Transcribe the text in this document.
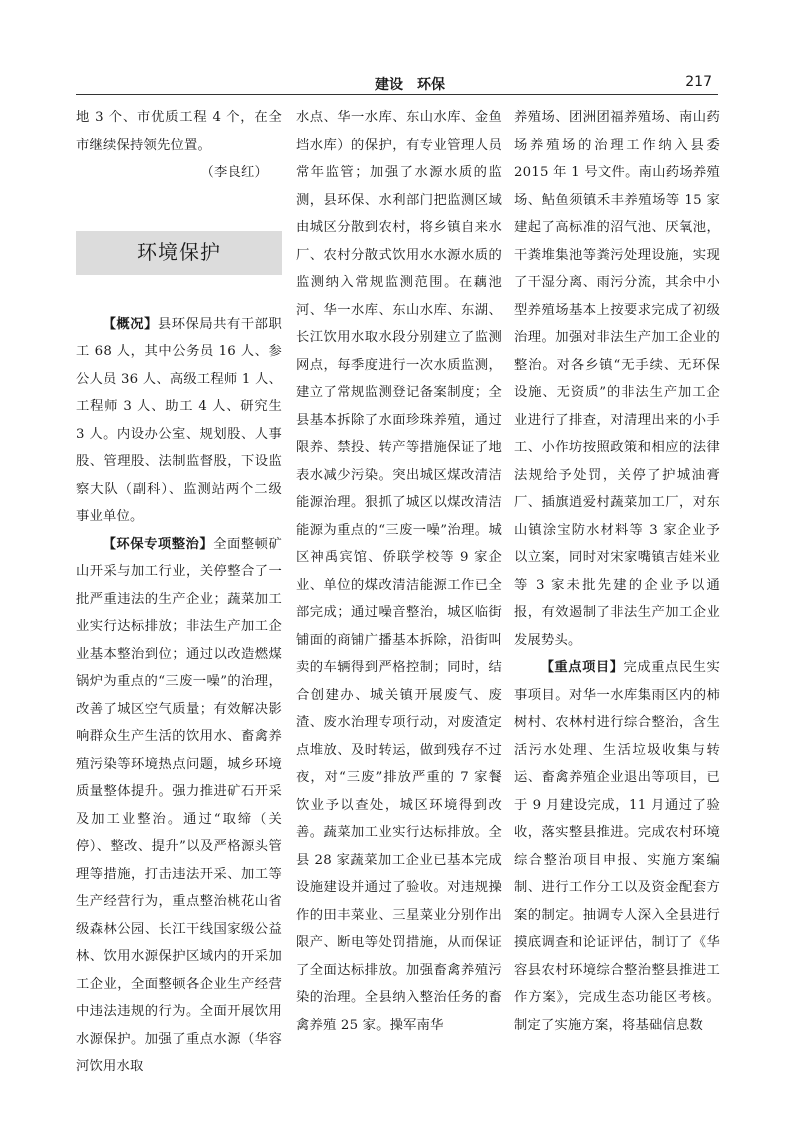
建设　环保	217

地 3 个、市优质工程 4 个，在全市继续保持领先位置。

（李良红）

环境保护

【概况】县环保局共有干部职工 68 人，其中公务员 16 人、参公人员 36 人、高级工程师 1 人、工程师 3 人、助工 4 人、研究生 3 人。内设办公室、规划股、人事股、管理股、法制监督股，下设监察大队（副科）、监测站两个二级事业单位。

【环保专项整治】全面整顿矿山开采与加工行业，关停整合了一批严重违法的生产企业；蔬菜加工业实行达标排放；非法生产加工企业基本整治到位；通过以改造燃煤锅炉为重点的“三废一噪”的治理，改善了城区空气质量；有效解决影响群众生产生活的饮用水、畜禽养殖污染等环境热点问题，城乡环境质量整体提升。强力推进矿石开采及加工业整治。通过“取缔（关停）、整改、提升”以及严格源头管理等措施，打击违法开采、加工等生产经营行为，重点整治桃花山省级森林公园、长江干线国家级公益林、饮用水源保护区域内的开采加工企业，全面整顿各企业生产经营中违法违规的行为。全面开展饮用水源保护。加强了重点水源（华容河饮用水取

水点、华一水库、东山水库、金鱼垱水库）的保护，有专业管理人员常年监管；加强了水源水质的监测，县环保、水利部门把监测区域由城区分散到农村，将乡镇自来水厂、农村分散式饮用水水源水质的监测纳入常规监测范围。在藕池河、华一水库、东山水库、东湖、长江饮用水取水段分别建立了监测网点，每季度进行一次水质监测，建立了常规监测登记备案制度；全县基本拆除了水面珍珠养殖，通过限养、禁投、转产等措施保证了地表水减少污染。突出城区煤改清洁能源治理。狠抓了城区以煤改清洁能源为重点的“三废一噪”治理。城区神禹宾馆、侨联学校等 9 家企业、单位的煤改清洁能源工作已全部完成；通过噪音整治，城区临街铺面的商铺广播基本拆除，沿街叫卖的车辆得到严格控制；同时，结合创建办、城关镇开展废气、废渣、废水治理专项行动，对废渣定点堆放、及时转运，做到残存不过夜，对“三废”排放严重的 7 家餐饮业予以查处，城区环境得到改善。蔬菜加工业实行达标排放。全县 28 家蔬菜加工企业已基本完成设施建设并通过了验收。对违规操作的田丰菜业、三星菜业分别作出限产、断电等处罚措施，从而保证了全面达标排放。加强畜禽养殖污染的治理。全县纳入整治任务的畜禽养殖 25 家。操军南华

养殖场、团洲团福养殖场、南山药场养殖场的治理工作纳入县委 2015 年 1 号文件。南山药场养殖场、鲇鱼须镇禾丰养殖场等 15 家建起了高标准的沼气池、厌氧池，干粪堆集池等粪污处理设施，实现了干湿分离、雨污分流，其余中小型养殖场基本上按要求完成了初级治理。加强对非法生产加工企业的整治。对各乡镇“无手续、无环保设施、无资质”的非法生产加工企业进行了排查，对清理出来的小手工、小作坊按照政策和相应的法律法规给予处罚，关停了护城油膏厂、插旗逍爱村蔬菜加工厂，对东山镇涂宝防水材料等 3 家企业予以立案，同时对宋家嘴镇吉娃米业等 3 家未批先建的企业予以通报，有效遏制了非法生产加工企业发展势头。

【重点项目】完成重点民生实事项目。对华一水库集雨区内的柿树村、农林村进行综合整治，含生活污水处理、生活垃圾收集与转运、畜禽养殖企业退出等项目，已于 9 月建设完成，11 月通过了验收，落实整县推进。完成农村环境综合整治项目申报、实施方案编制、进行工作分工以及资金配套方案的制定。抽调专人深入全县进行摸底调查和论证评估，制订了《华容县农村环境综合整治整县推进工作方案》，完成生态功能区考核。制定了实施方案，将基础信息数
